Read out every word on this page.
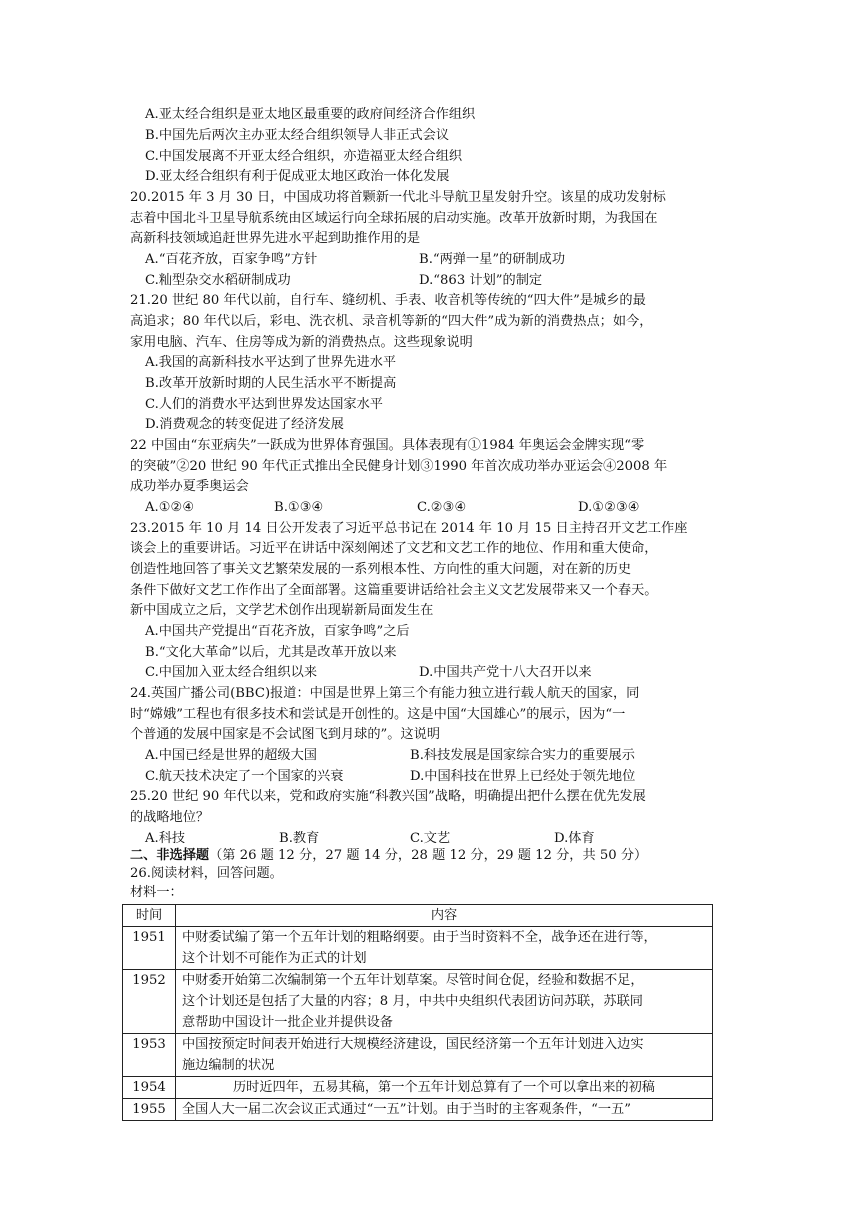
A.亚太经合组织是亚太地区最重要的政府间经济合作组织
B.中国先后两次主办亚太经合组织领导人非正式会议
C.中国发展离不开亚太经合组织，亦造福亚太经合组织
D.亚太经合组织有利于促成亚太地区政治一体化发展
20.2015 年 3 月 30 日，中国成功将首颗新一代北斗导航卫星发射升空。该星的成功发射标
志着中国北斗卫星导航系统由区域运行向全球拓展的启动实施。改革开放新时期，为我国在
高新科技领域追赶世界先进水平起到助推作用的是
A.“百花齐放，百家争鸣”方针	B.“两弹一星”的研制成功
C.籼型杂交水稻研制成功	D.“863 计划”的制定
21.20 世纪 80 年代以前，自行车、缝纫机、手表、收音机等传统的“四大件”是城乡的最
高追求；80 年代以后，彩电、洗衣机、录音机等新的“四大件”成为新的消费热点；如今，
家用电脑、汽车、住房等成为新的消费热点。这些现象说明
A.我国的高新科技水平达到了世界先进水平
B.改革开放新时期的人民生活水平不断提高
C.人们的消费水平达到世界发达国家水平
D.消费观念的转变促进了经济发展
22 中国由“东亚病失”一跃成为世界体育强国。具体表现有①1984 年奥运会金牌实现“零
的突破”②20 世纪 90 年代正式推出全民健身计划③1990 年首次成功举办亚运会④2008 年
成功举办夏季奥运会
A.①②④	B.①③④	C.②③④	D.①②③④
23.2015 年 10 月 14 日公开发表了习近平总书记在 2014 年 10 月 15 日主持召开文艺工作座
谈会上的重要讲话。习近平在讲话中深刻阐述了文艺和文艺工作的地位、作用和重大使命，
创造性地回答了事关文艺繁荣发展的一系列根本性、方向性的重大问题，对在新的历史
条件下做好文艺工作作出了全面部署。这篇重要讲话给社会主义文艺发展带来又一个春天。
新中国成立之后，文学艺术创作出现崭新局面发生在
A.中国共产党提出“百花齐放，百家争鸣”之后
B.“文化大革命”以后，尤其是改革开放以来
C.中国加入亚太经合组织以来	D.中国共产党十八大召开以来
24.英国广播公司(BBC)报道：中国是世界上第三个有能力独立进行载人航天的国家，同
时“嫦娥”工程也有很多技术和尝试是开创性的。这是中国“大国雄心”的展示，因为“一
个普通的发展中国家是不会试图飞到月球的”。这说明
A.中国已经是世界的超级大国	B.科技发展是国家综合实力的重要展示
C.航天技术决定了一个国家的兴衰	D.中国科技在世界上已经处于领先地位
25.20 世纪 90 年代以来，党和政府实施“科教兴国”战略，明确提出把什么摆在优先发展
的战略地位？
A.科技	B.教育	C.文艺	D.体育
二、非选择题（第 26 题 12 分，27 题 14 分，28 题 12 分，29 题 12 分，共 50 分）
26.阅读材料，回答问题。
材料一：
时间	内容
1951	中财委试编了第一个五年计划的粗略纲要。由于当时资料不全，战争还在进行等，
这个计划不可能作为正式的计划

1952	中财委开始第二次编制第一个五年计划草案。尽管时间仓促，经验和数据不足，
这个计划还是包括了大量的内容；8 月，中共中央组织代表团访问苏联，苏联同
意帮助中国设计一批企业并提供设备

1953	中国按预定时间表开始进行大规模经济建设，国民经济第一个五年计划进入边实
施边编制的状况

1954	历时近四年，五易其稿，第一个五年计划总算有了一个可以拿出来的初稿

1955	全国人大一届二次会议正式通过“一五”计划。由于当时的主客观条件，“一五”
